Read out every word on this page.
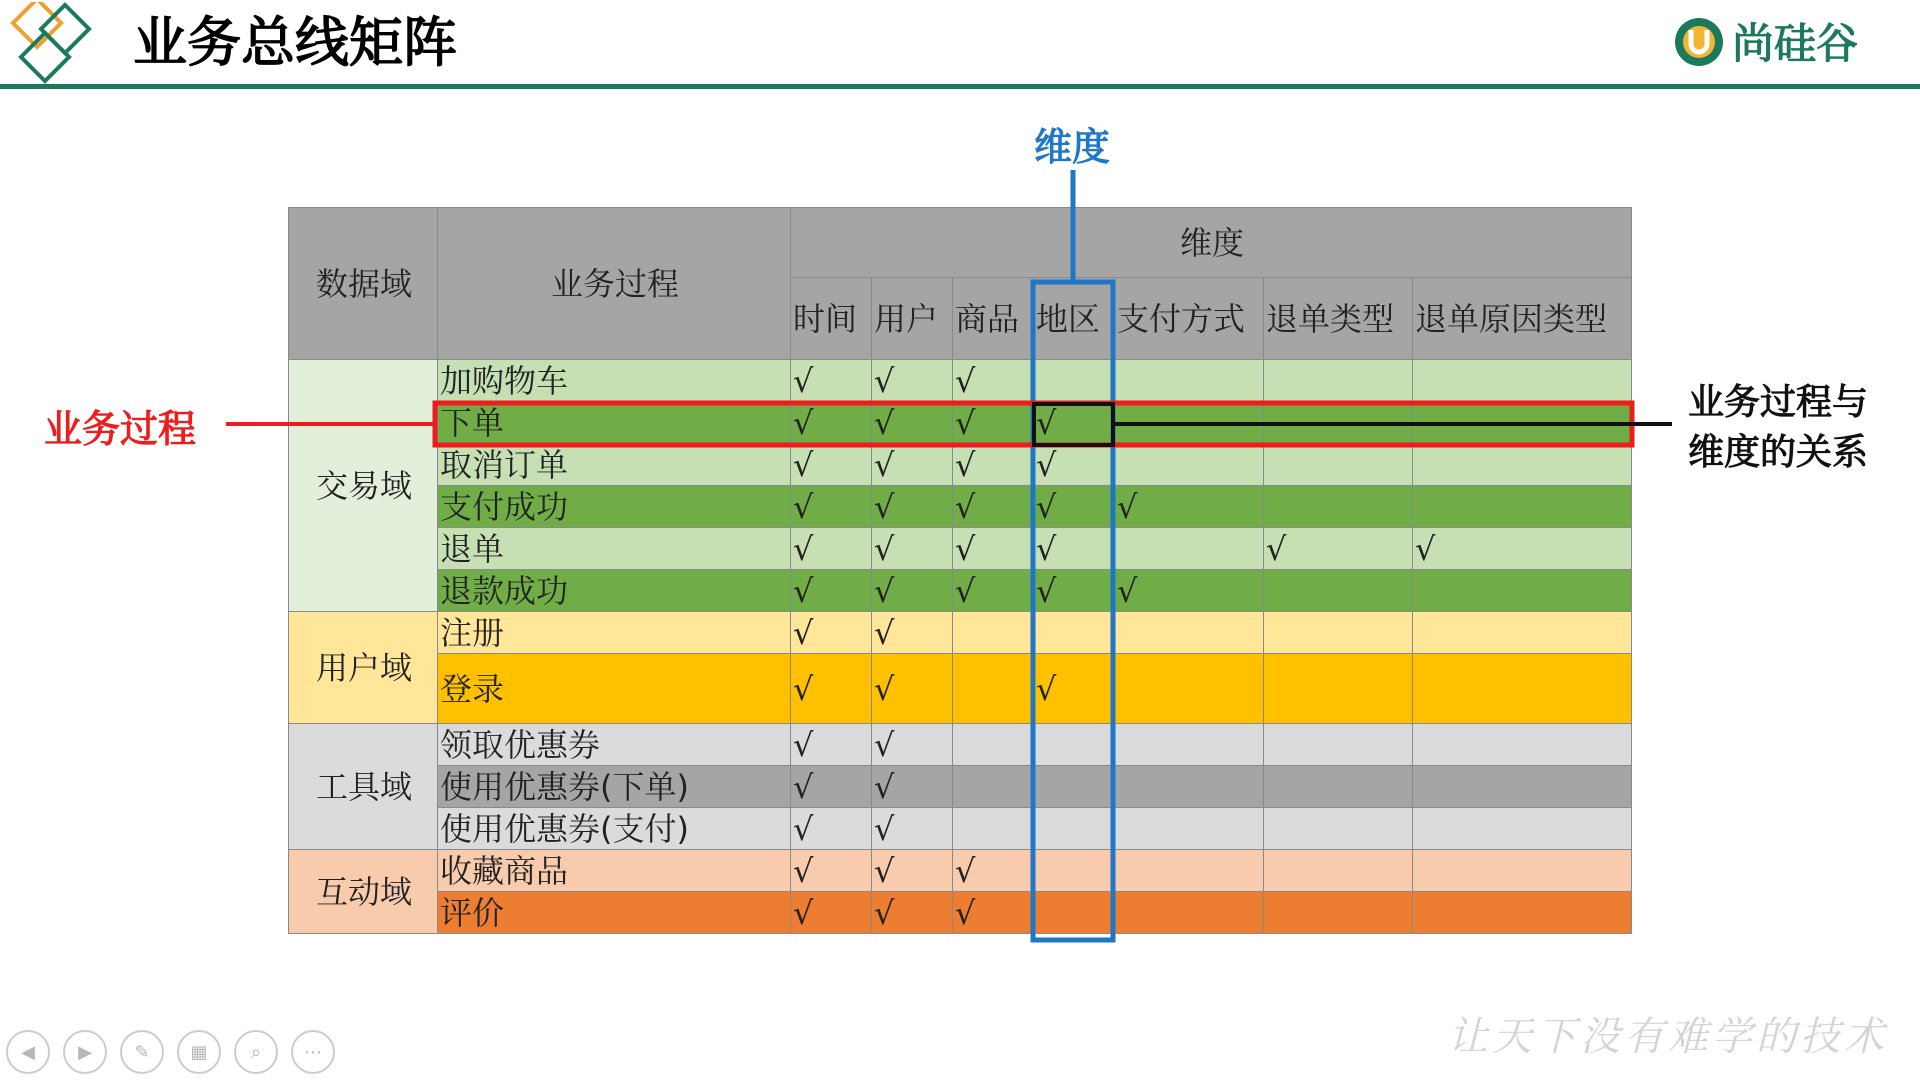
业务总线矩阵	尚硅谷
维度
业务过程
业务过程与
维度的关系
数据域	业务过程	维度						
		时间	用户	商品	地区	支付方式	退单类型	退单原因类型
交易域	加购物车	√	√	√				
	下单	√	√	√	√			
	取消订单	√	√	√	√			
	支付成功	√	√	√	√	√		
	退单	√	√	√	√		√	√
	退款成功	√	√	√	√	√		
用户域	注册	√	√					
	登录	√	√		√			
工具域	领取优惠券	√	√					
	使用优惠券(下单)	√	√					
	使用优惠券(支付)	√	√					
互动域	收藏商品	√	√	√				
	评价	√	√	√				
◀	▶	✎	▦	⌕	⋯	让天下没有难学的技术
